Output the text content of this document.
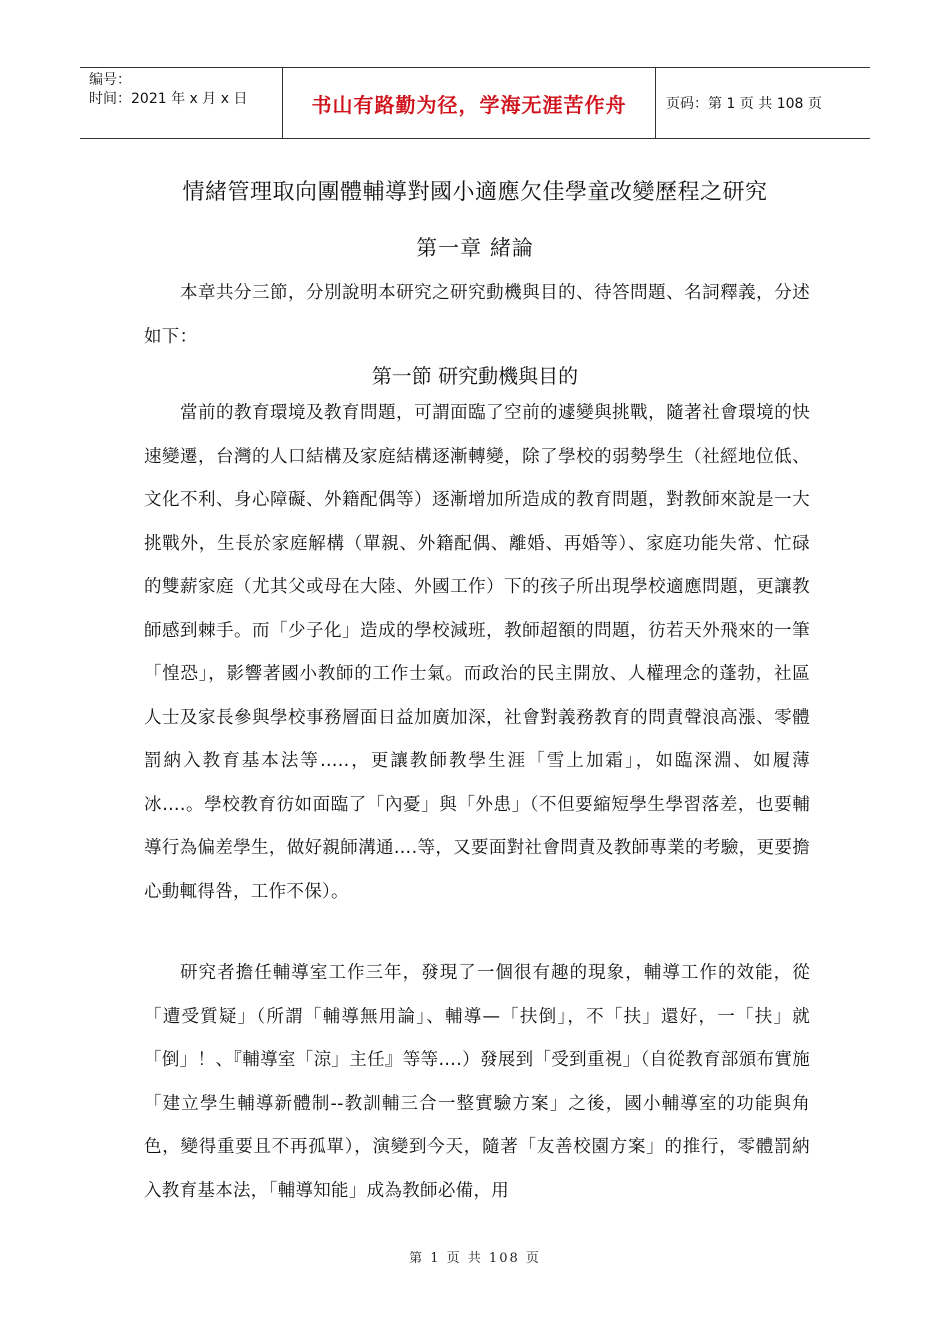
编号：
时间：2021 年 x 月 x 日	书山有路勤为径，学海无涯苦作舟	页码：第 1 页 共 108 页
情緒管理取向團體輔導對國小適應欠佳學童改變歷程之研究
第一章 緒論

本章共分三節，分別說明本研究之研究動機與目的、待答問題、名詞釋義，分述如下：

第一節 研究動機與目的

當前的教育環境及教育問題，可謂面臨了空前的遽變與挑戰，隨著社會環境的快速變遷，台灣的人口結構及家庭結構逐漸轉變，除了學校的弱勢學生（社經地位低、文化不利、身心障礙、外籍配偶等）逐漸增加所造成的教育問題，對教師來說是一大挑戰外，生長於家庭解構（單親、外籍配偶、離婚、再婚等）、家庭功能失常、忙碌的雙薪家庭（尤其父或母在大陸、外國工作）下的孩子所出現學校適應問題，更讓教師感到棘手。而「少子化」造成的學校減班，教師超額的問題，彷若天外飛來的一筆「惶恐」，影響著國小教師的工作士氣。而政治的民主開放、人權理念的蓬勃，社區人士及家長參與學校事務層面日益加廣加深，社會對義務教育的問責聲浪高漲、零體罰納入教育基本法等…..，更讓教師教學生涯「雪上加霜」，如臨深淵、如履薄冰….。學校教育彷如面臨了「內憂」與「外患」（不但要縮短學生學習落差，也要輔導行為偏差學生，做好親師溝通….等，又要面對社會問責及教師專業的考驗，更要擔心動輒得咎，工作不保）。

研究者擔任輔導室工作三年，發現了一個很有趣的現象，輔導工作的效能，從「遭受質疑」（所謂「輔導無用論」、輔導—「扶倒」，不「扶」還好，一「扶」就「倒」！、『輔導室「涼」主任』等等….）發展到「受到重視」（自從教育部頒布實施「建立學生輔導新體制--教訓輔三合一整實驗方案」之後，國小輔導室的功能與角色，變得重要且不再孤單），演變到今天，隨著「友善校園方案」的推行，零體罰納入教育基本法，「輔導知能」成為教師必備，用

第 1 页 共 108 页
